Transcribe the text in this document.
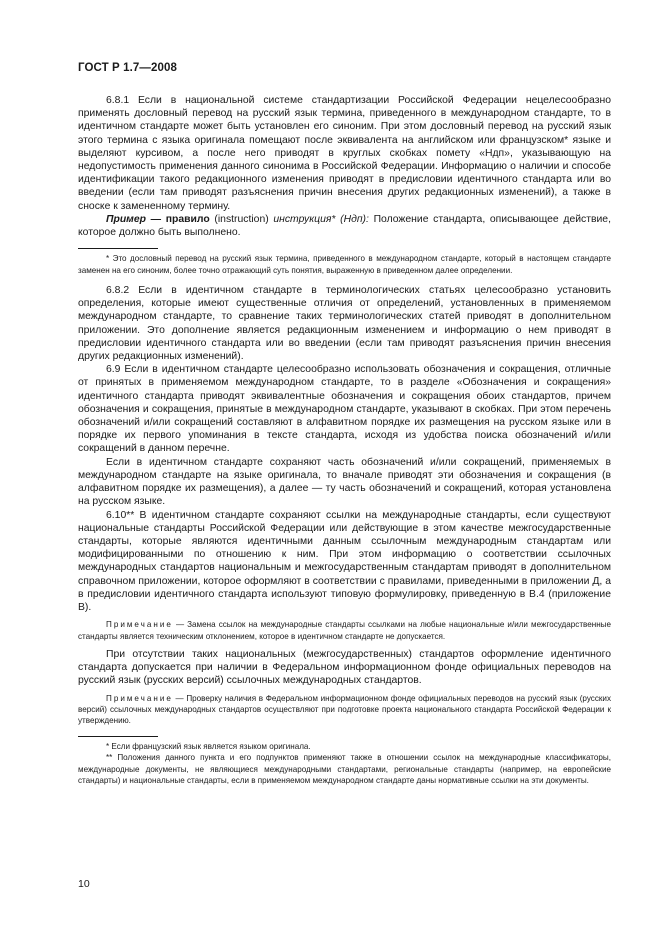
ГОСТ Р 1.7—2008

6.8.1 Если в национальной системе стандартизации Российской Федерации нецелесообразно применять дословный перевод на русский язык термина, приведенного в международном стандарте, то в идентичном стандарте может быть установлен его синоним. При этом дословный перевод на русский язык этого термина с языка оригинала помещают после эквивалента на английском или французском* языке и выделяют курсивом, а после него приводят в круглых скобках помету «Ндп», указывающую на недопустимость применения данного синонима в Российской Федерации. Информацию о наличии и способе идентификации такого редакционного изменения приводят в предисловии идентичного стандарта или во введении (если там приводят разъяснения причин внесения других редакционных изменений), а также в сноске к замененному термину.

Пример — правило (instruction) инструкция* (Ндп): Положение стандарта, описывающее действие, которое должно быть выполнено.

* Это дословный перевод на русский язык термина, приведенного в международном стандарте, который в настоящем стандарте заменен на его синоним, более точно отражающий суть понятия, выраженную в приведенном далее определении.

6.8.2 Если в идентичном стандарте в терминологических статьях целесообразно установить определения, которые имеют существенные отличия от определений, установленных в применяемом международном стандарте, то сравнение таких терминологических статей приводят в дополнительном приложении. Это дополнение является редакционным изменением и информацию о нем приводят в предисловии идентичного стандарта или во введении (если там приводят разъяснения причин внесения других редакционных изменений).

6.9 Если в идентичном стандарте целесообразно использовать обозначения и сокращения, отличные от принятых в применяемом международном стандарте, то в разделе «Обозначения и сокращения» идентичного стандарта приводят эквивалентные обозначения и сокращения обоих стандартов, причем обозначения и сокращения, принятые в международном стандарте, указывают в скобках. При этом перечень обозначений и/или сокращений составляют в алфавитном порядке их размещения на русском языке или в порядке их первого упоминания в тексте стандарта, исходя из удобства поиска обозначений и/или сокращений в данном перечне.

Если в идентичном стандарте сохраняют часть обозначений и/или сокращений, применяемых в международном стандарте на языке оригинала, то вначале приводят эти обозначения и сокращения (в алфавитном порядке их размещения), а далее — ту часть обозначений и сокращений, которая установлена на русском языке.

6.10** В идентичном стандарте сохраняют ссылки на международные стандарты, если существуют национальные стандарты Российской Федерации или действующие в этом качестве межгосударственные стандарты, которые являются идентичными данным ссылочным международным стандартам или модифицированными по отношению к ним. При этом информацию о соответствии ссылочных международных стандартов национальным и межгосударственным стандартам приводят в дополнительном справочном приложении, которое оформляют в соответствии с правилами, приведенными в приложении Д, а в предисловии идентичного стандарта используют типовую формулировку, приведенную в В.4 (приложение В).

Примечание — Замена ссылок на международные стандарты ссылками на любые национальные и/или межгосударственные стандарты является техническим отклонением, которое в идентичном стандарте не допускается.

При отсутствии таких национальных (межгосударственных) стандартов оформление идентичного стандарта допускается при наличии в Федеральном информационном фонде официальных переводов на русский язык (русских версий) ссылочных международных стандартов.

Примечание — Проверку наличия в Федеральном информационном фонде официальных переводов на русский язык (русских версий) ссылочных международных стандартов осуществляют при подготовке проекта национального стандарта Российской Федерации к утверждению.

* Если французский язык является языком оригинала.

** Положения данного пункта и его подпунктов применяют также в отношении ссылок на международные классификаторы, международные документы, не являющиеся международными стандартами, региональные стандарты (например, на европейские стандарты) и национальные стандарты, если в применяемом международном стандарте даны нормативные ссылки на эти документы.

10
